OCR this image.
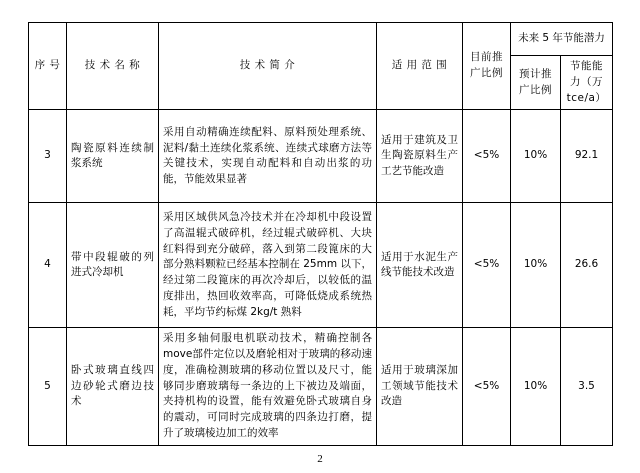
序 号	技 术 名 称	技 术 简 介	适 用 范 围	目前推广比例	未来 5 年节能潜力	
					预计推广比例	节能能力（万 tce/a）
3	陶瓷原料连续制浆系统	采用自动精确连续配料、原料预处理系统、泥料/黏土连续化浆系统、连续式球磨方法等关键技术，实现自动配料和自动出浆的功能，节能效果显著	适用于建筑及卫生陶瓷原料生产工艺节能改造	<5%	10%	92.1
4	带中段辊破的列进式冷却机	采用区域供风急冷技术并在冷却机中段设置了高温辊式破碎机，经过辊式破碎机、大块红料得到充分破碎，落入到第二段篦床的大部分熟料颗粒已经基本控制在 25mm 以下，经过第二段篦床的再次冷却后，以较低的温度排出，热回收效率高，可降低烧成系统热耗，平均节约标煤 2kg/t 熟料	适用于水泥生产线节能技术改造	<5%	10%	26.6
5	卧式玻璃直线四边砂轮式磨边技术	采用多轴伺服电机联动技术，精确控制各move部件定位以及磨轮相对于玻璃的移动速度，准确检测玻璃的移动位置以及尺寸，能够同步磨玻璃每一条边的上下被边及端面，夹持机构的设置，能有效避免卧式玻璃自身的震动，可同时完成玻璃的四条边打磨，提升了玻璃棱边加工的效率	适用于玻璃深加工领域节能技术改造	<5%	10%	3.5
2
